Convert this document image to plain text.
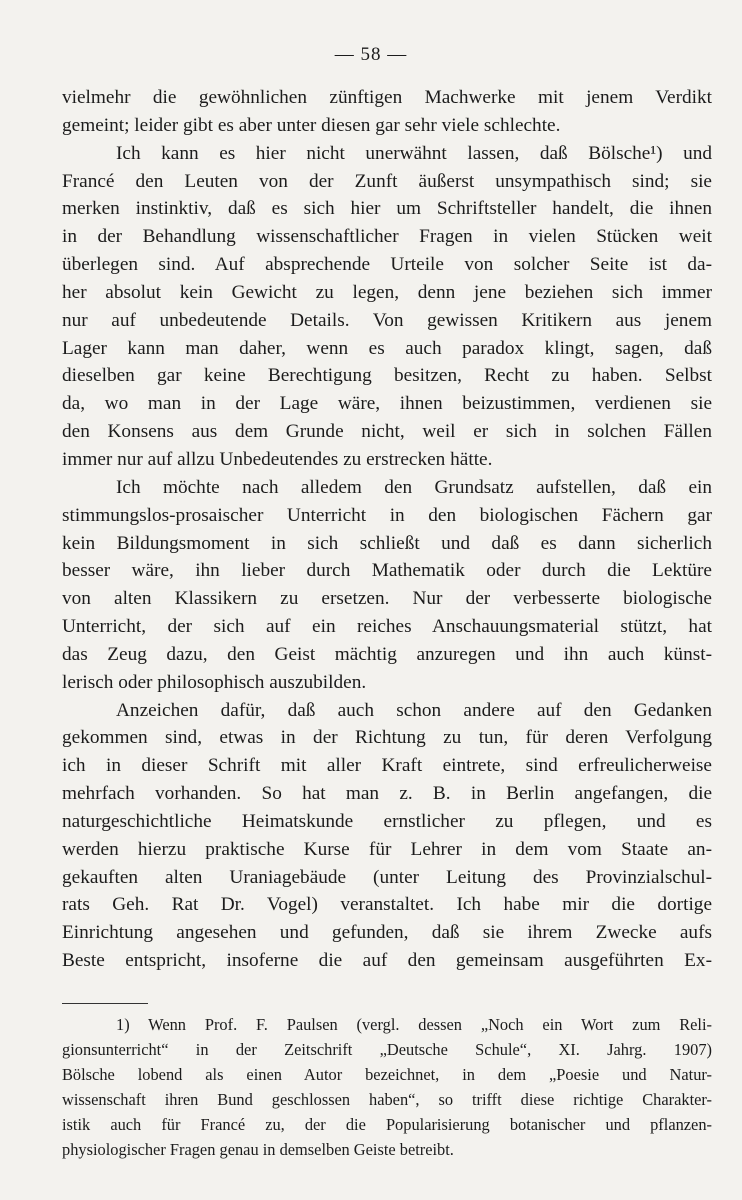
— 58 —
vielmehr die gewöhnlichen zünftigen Machwerke mit jenem Verdikt
gemeint; leider gibt es aber unter diesen gar sehr viele schlechte.
Ich kann es hier nicht unerwähnt lassen, daß Bölsche¹) und
Francé den Leuten von der Zunft äußerst unsympathisch sind; sie
merken instinktiv, daß es sich hier um Schriftsteller handelt, die ihnen
in der Behandlung wissenschaftlicher Fragen in vielen Stücken weit
überlegen sind. Auf absprechende Urteile von solcher Seite ist da-
her absolut kein Gewicht zu legen, denn jene beziehen sich immer
nur auf unbedeutende Details. Von gewissen Kritikern aus jenem
Lager kann man daher, wenn es auch paradox klingt, sagen, daß
dieselben gar keine Berechtigung besitzen, Recht zu haben. Selbst
da, wo man in der Lage wäre, ihnen beizustimmen, verdienen sie
den Konsens aus dem Grunde nicht, weil er sich in solchen Fällen
immer nur auf allzu Unbedeutendes zu erstrecken hätte.
Ich möchte nach alledem den Grundsatz aufstellen, daß ein
stimmungslos-prosaischer Unterricht in den biologischen Fächern gar
kein Bildungsmoment in sich schließt und daß es dann sicherlich
besser wäre, ihn lieber durch Mathematik oder durch die Lektüre
von alten Klassikern zu ersetzen. Nur der verbesserte biologische
Unterricht, der sich auf ein reiches Anschauungsmaterial stützt, hat
das Zeug dazu, den Geist mächtig anzuregen und ihn auch künst-
lerisch oder philosophisch auszubilden.
Anzeichen dafür, daß auch schon andere auf den Gedanken
gekommen sind, etwas in der Richtung zu tun, für deren Verfolgung
ich in dieser Schrift mit aller Kraft eintrete, sind erfreulicherweise
mehrfach vorhanden. So hat man z. B. in Berlin angefangen, die
naturgeschichtliche Heimatskunde ernstlicher zu pflegen, und es
werden hierzu praktische Kurse für Lehrer in dem vom Staate an-
gekauften alten Uraniagebäude (unter Leitung des Provinzialschul-
rats Geh. Rat Dr. Vogel) veranstaltet. Ich habe mir die dortige
Einrichtung angesehen und gefunden, daß sie ihrem Zwecke aufs
Beste entspricht, insoferne die auf den gemeinsam ausgeführten Ex-
1) Wenn Prof. F. Paulsen (vergl. dessen „Noch ein Wort zum Reli-
gionsunterricht“ in der Zeitschrift „Deutsche Schule“, XI. Jahrg. 1907)
Bölsche lobend als einen Autor bezeichnet, in dem „Poesie und Natur-
wissenschaft ihren Bund geschlossen haben“, so trifft diese richtige Charakter-
istik auch für Francé zu, der die Popularisierung botanischer und pflanzen-
physiologischer Fragen genau in demselben Geiste betreibt.
